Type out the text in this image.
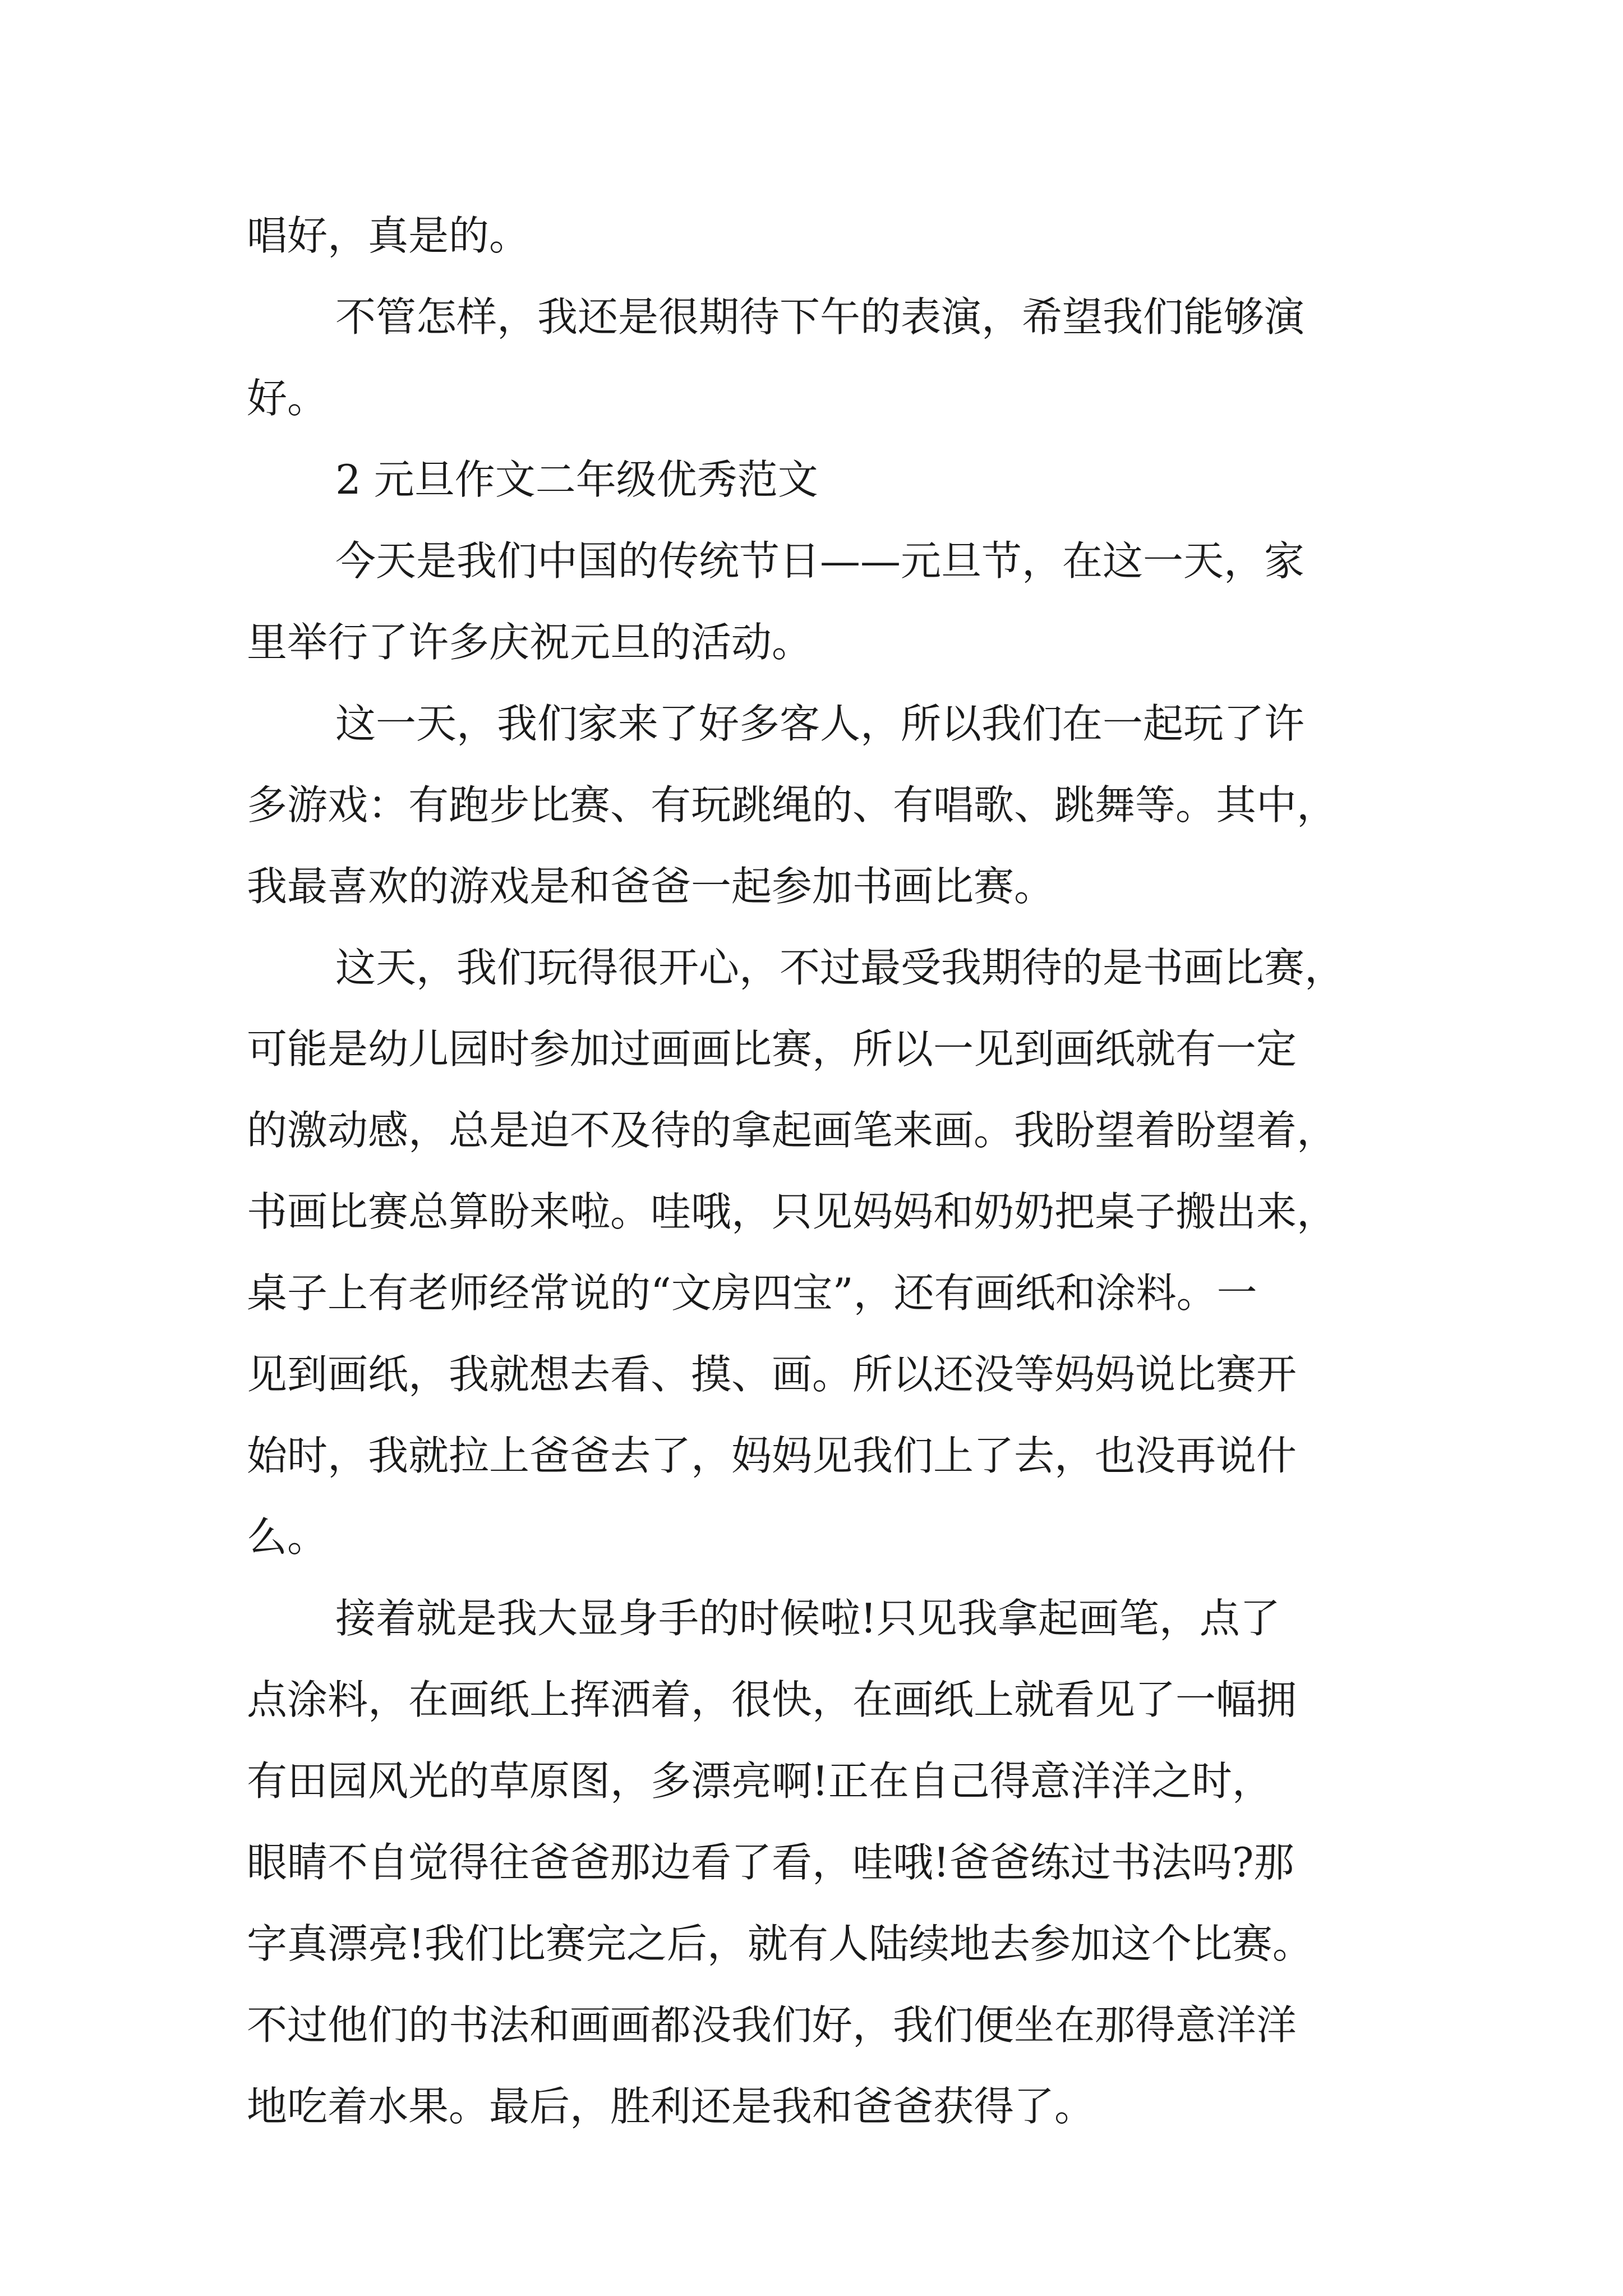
唱好，真是的。
不管怎样，我还是很期待下午的表演，希望我们能够演
好。
2 元旦作文二年级优秀范文
今天是我们中国的传统节日——元旦节，在这一天，家
里举行了许多庆祝元旦的活动。
这一天，我们家来了好多客人，所以我们在一起玩了许
多游戏：有跑步比赛、有玩跳绳的、有唱歌、跳舞等。其中，
我最喜欢的游戏是和爸爸一起参加书画比赛。
这天，我们玩得很开心，不过最受我期待的是书画比赛，
可能是幼儿园时参加过画画比赛，所以一见到画纸就有一定
的激动感，总是迫不及待的拿起画笔来画。我盼望着盼望着，
书画比赛总算盼来啦。哇哦，只见妈妈和奶奶把桌子搬出来，
桌子上有老师经常说的“文房四宝”，还有画纸和涂料。一
见到画纸，我就想去看、摸、画。所以还没等妈妈说比赛开
始时，我就拉上爸爸去了，妈妈见我们上了去，也没再说什
么。
接着就是我大显身手的时候啦!只见我拿起画笔，点了
点涂料，在画纸上挥洒着，很快，在画纸上就看见了一幅拥
有田园风光的草原图，多漂亮啊!正在自己得意洋洋之时，
眼睛不自觉得往爸爸那边看了看，哇哦!爸爸练过书法吗?那
字真漂亮!我们比赛完之后，就有人陆续地去参加这个比赛。
不过他们的书法和画画都没我们好，我们便坐在那得意洋洋
地吃着水果。最后，胜利还是我和爸爸获得了。
